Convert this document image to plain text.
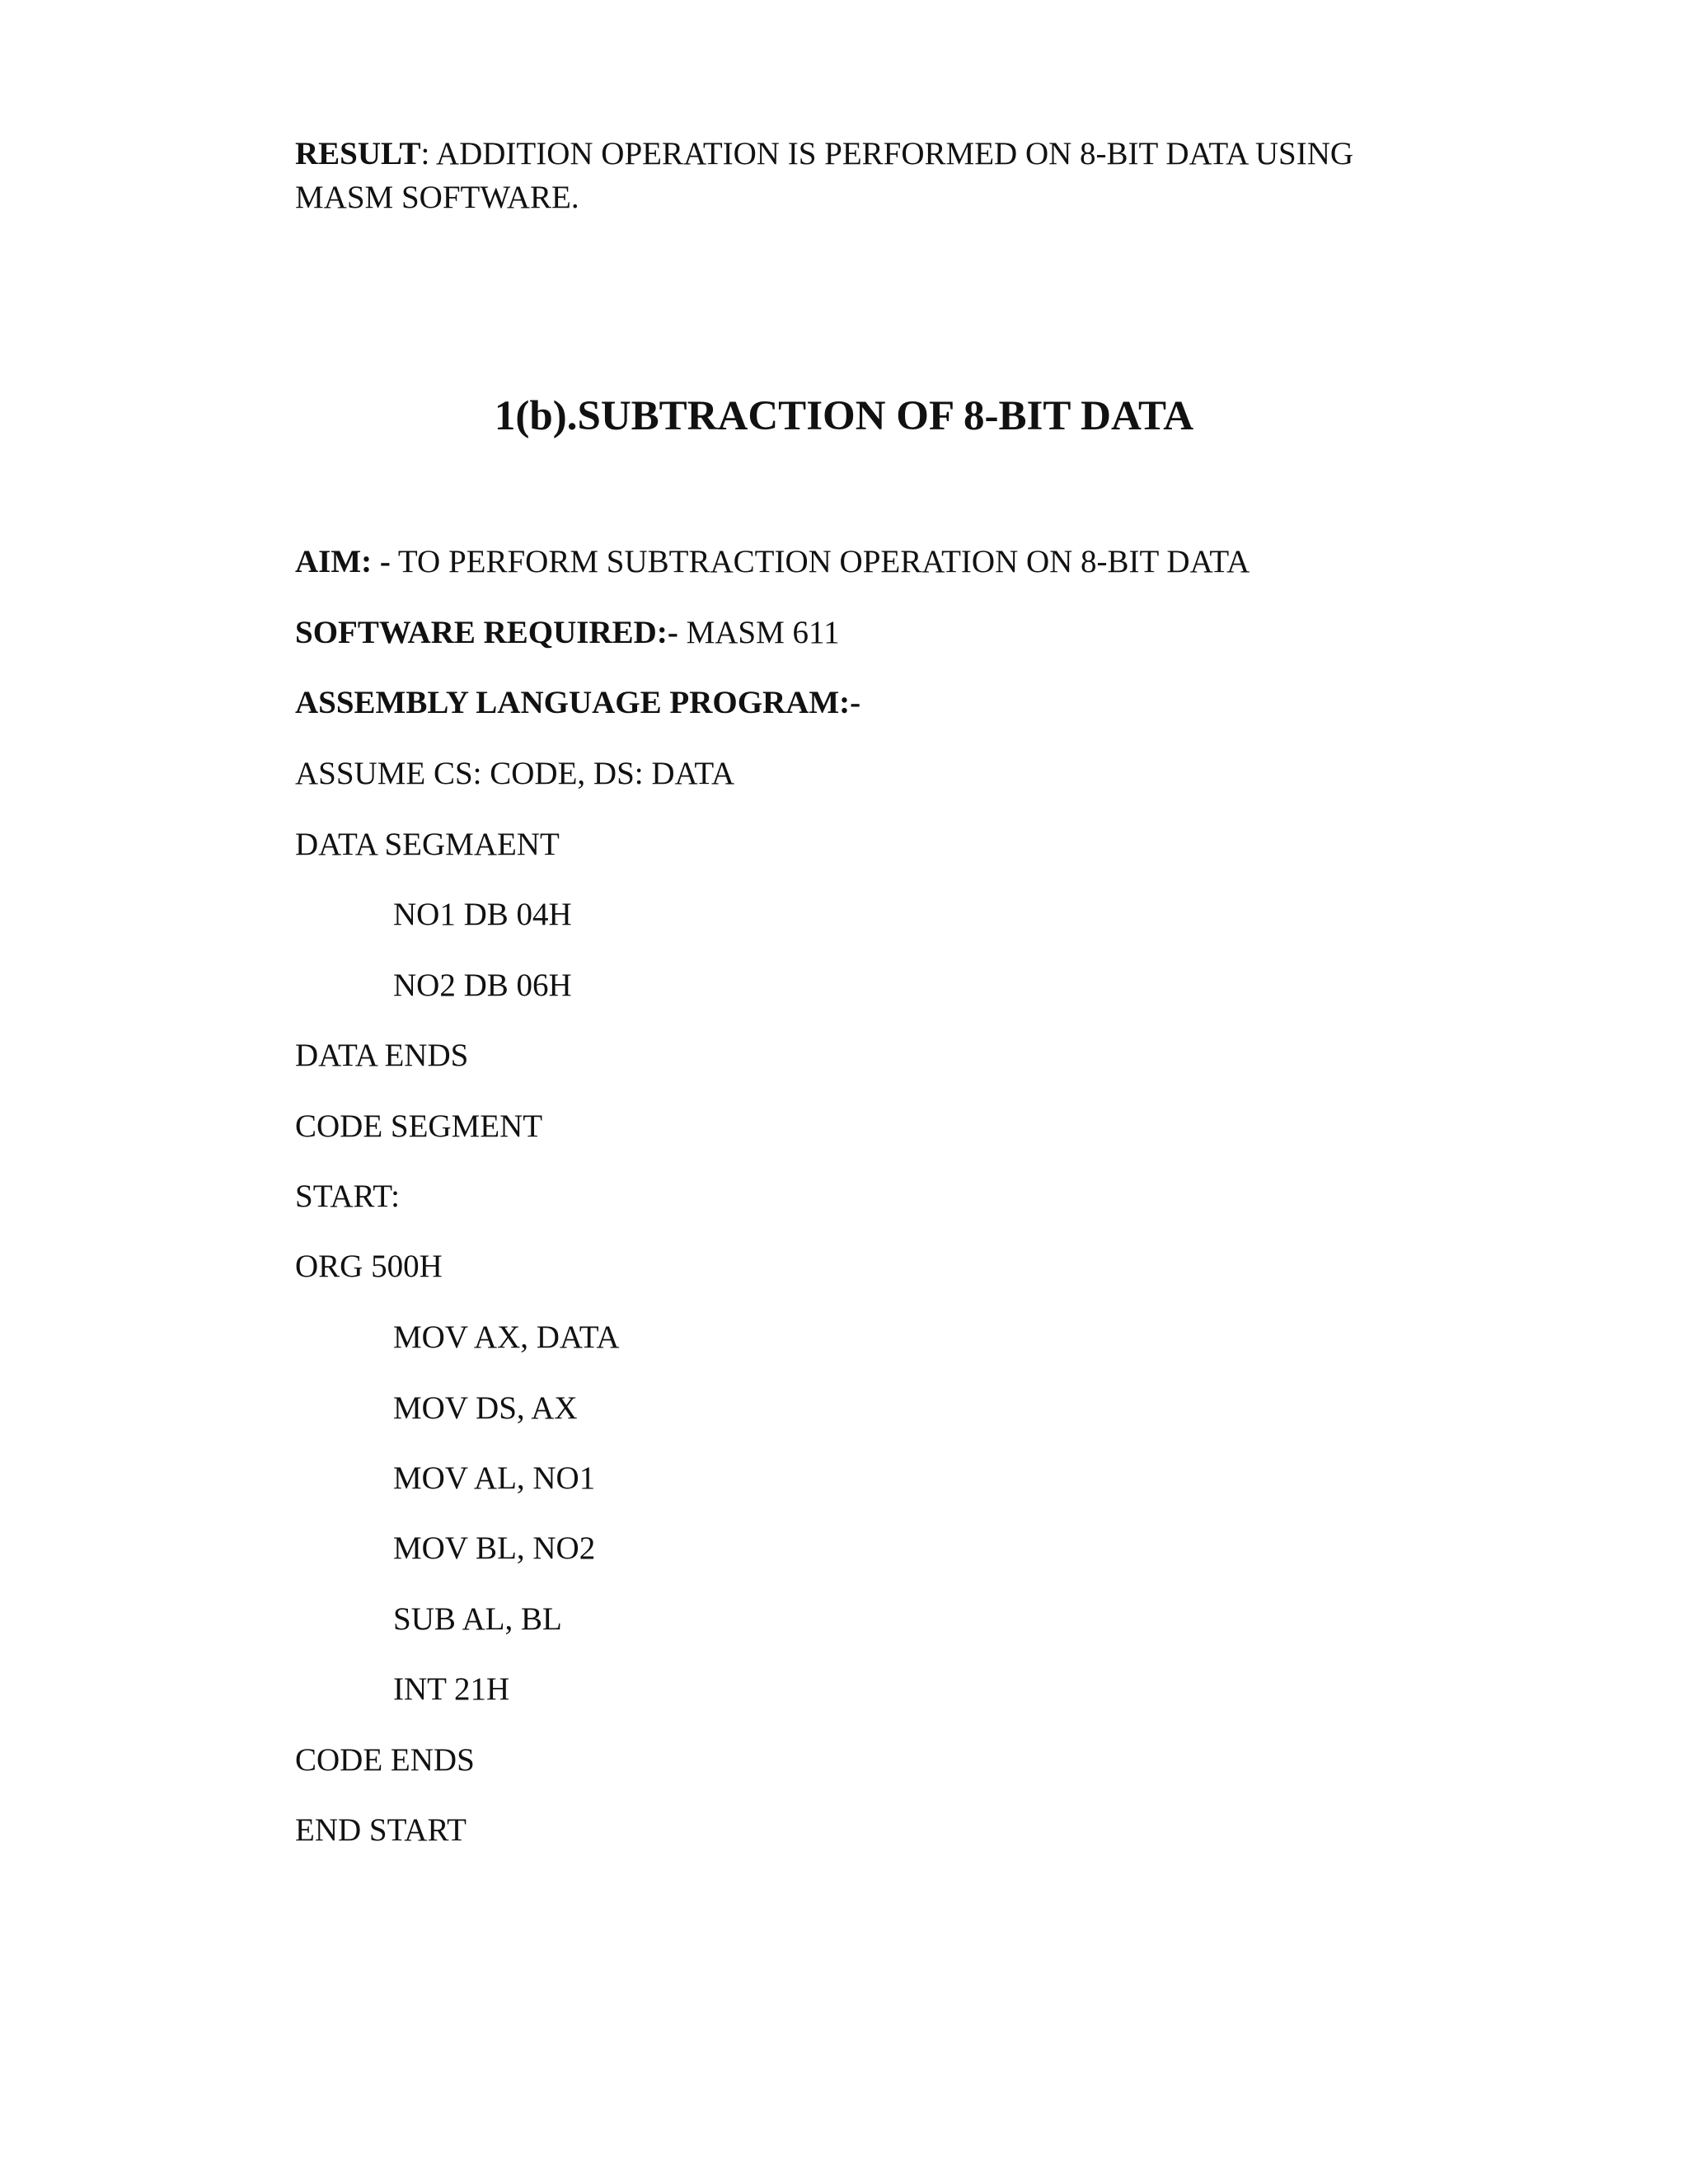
RESULT: ADDITION OPERATION IS PERFORMED ON 8-BIT DATA USING MASM SOFTWARE.
1(b).SUBTRACTION OF 8-BIT DATA
AIM: - TO PERFORM SUBTRACTION OPERATION ON 8-BIT DATA
SOFTWARE REQUIRED:- MASM 611
ASSEMBLY LANGUAGE PROGRAM:-
ASSUME CS: CODE, DS: DATA
DATA SEGMAENT
NO1 DB 04H
NO2 DB 06H
DATA ENDS
CODE SEGMENT
START:
ORG 500H
MOV AX, DATA
MOV DS, AX
MOV AL, NO1
MOV BL, NO2
SUB AL, BL
INT 21H
CODE ENDS
END START
